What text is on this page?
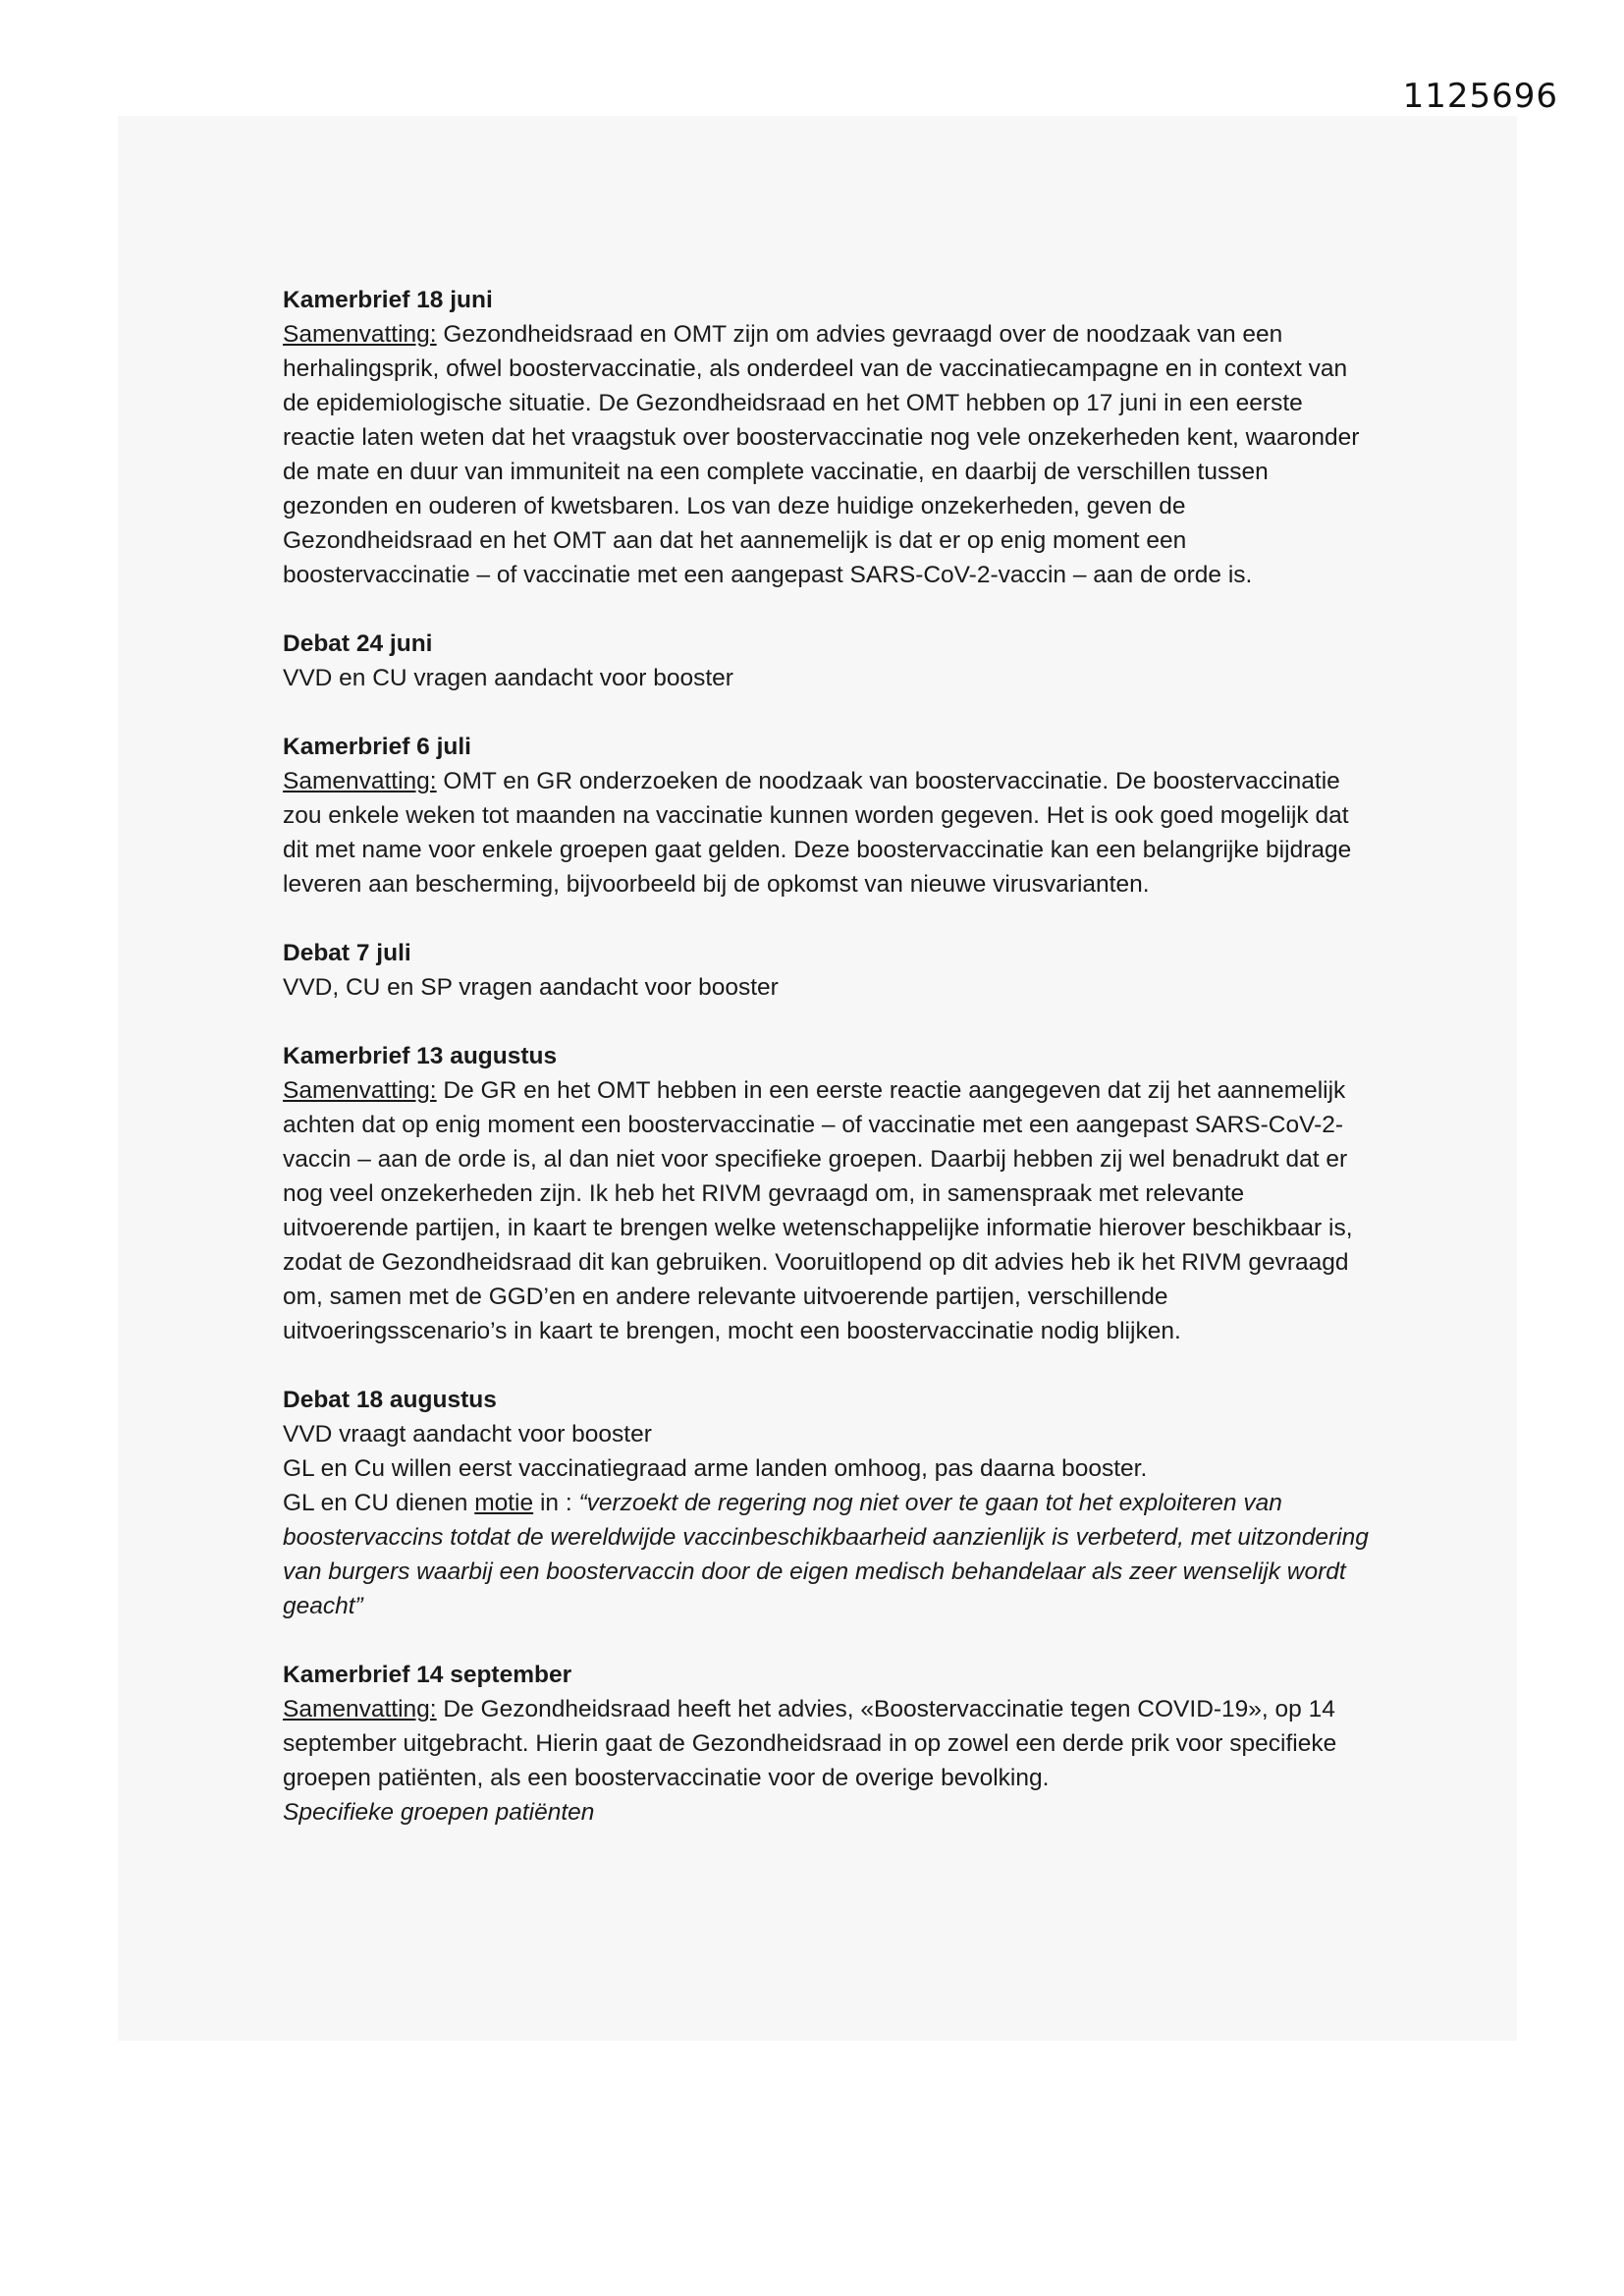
1125696
Kamerbrief 18 juni
Samenvatting: Gezondheidsraad en OMT zijn om advies gevraagd over de noodzaak van een herhalingsprik, ofwel boostervaccinatie, als onderdeel van de vaccinatiecampagne en in context van de epidemiologische situatie. De Gezondheidsraad en het OMT hebben op 17 juni in een eerste reactie laten weten dat het vraagstuk over boostervaccinatie nog vele onzekerheden kent, waaronder de mate en duur van immuniteit na een complete vaccinatie, en daarbij de verschillen tussen gezonden en ouderen of kwetsbaren. Los van deze huidige onzekerheden, geven de Gezondheidsraad en het OMT aan dat het aannemelijk is dat er op enig moment een boostervaccinatie – of vaccinatie met een aangepast SARS-CoV-2-vaccin – aan de orde is.
Debat 24 juni
VVD en CU vragen aandacht voor booster
Kamerbrief 6 juli
Samenvatting: OMT en GR onderzoeken de noodzaak van boostervaccinatie. De boostervaccinatie zou enkele weken tot maanden na vaccinatie kunnen worden gegeven. Het is ook goed mogelijk dat dit met name voor enkele groepen gaat gelden. Deze boostervaccinatie kan een belangrijke bijdrage leveren aan bescherming, bijvoorbeeld bij de opkomst van nieuwe virusvarianten.
Debat 7 juli
VVD, CU en SP vragen aandacht voor booster
Kamerbrief 13 augustus
Samenvatting: De GR en het OMT hebben in een eerste reactie aangegeven dat zij het aannemelijk achten dat op enig moment een boostervaccinatie – of vaccinatie met een aangepast SARS-CoV-2-vaccin – aan de orde is, al dan niet voor specifieke groepen. Daarbij hebben zij wel benadrukt dat er nog veel onzekerheden zijn. Ik heb het RIVM gevraagd om, in samenspraak met relevante uitvoerende partijen, in kaart te brengen welke wetenschappelijke informatie hierover beschikbaar is, zodat de Gezondheidsraad dit kan gebruiken. Vooruitlopend op dit advies heb ik het RIVM gevraagd om, samen met de GGD’en en andere relevante uitvoerende partijen, verschillende uitvoeringsscenario’s in kaart te brengen, mocht een boostervaccinatie nodig blijken.
Debat 18 augustus
VVD vraagt aandacht voor booster
GL en Cu willen eerst vaccinatiegraad arme landen omhoog, pas daarna booster.
GL en CU dienen motie in : “verzoekt de regering nog niet over te gaan tot het exploiteren van boostervaccins totdat de wereldwijde vaccinbeschikbaarheid aanzienlijk is verbeterd, met uitzondering van burgers waarbij een boostervaccin door de eigen medisch behandelaar als zeer wenselijk wordt geacht”
Kamerbrief 14 september
Samenvatting: De Gezondheidsraad heeft het advies, «Boostervaccinatie tegen COVID-19», op 14 september uitgebracht. Hierin gaat de Gezondheidsraad in op zowel een derde prik voor specifieke groepen patiënten, als een boostervaccinatie voor de overige bevolking.
Specifieke groepen patiënten
